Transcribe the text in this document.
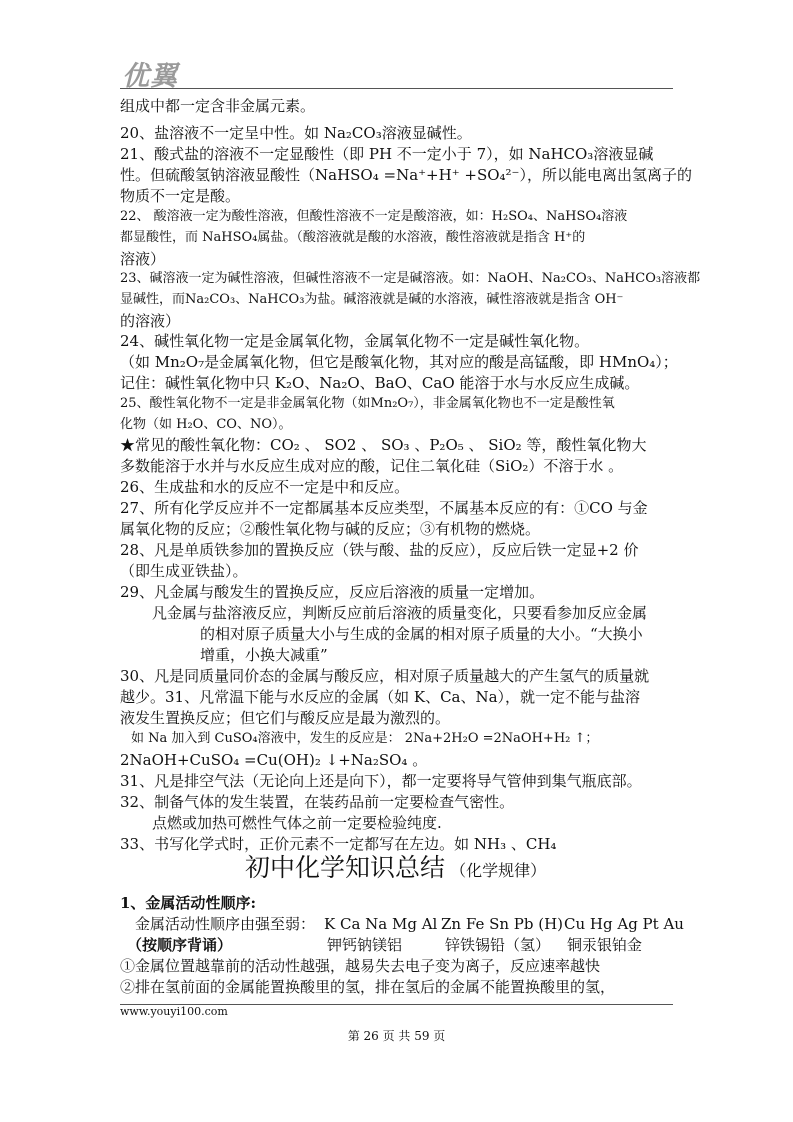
优翼
组成中都一定含非金属元素。
20、盐溶液不一定呈中性。如 Na₂CO₃溶液显碱性。
21、酸式盐的溶液不一定显酸性（即 PH 不一定小于 7），如 NaHCO₃溶液显碱
性。但硫酸氢钠溶液显酸性（NaHSO₄ =Na⁺+H⁺ +SO₄²⁻），所以能电离出氢离子的
物质不一定是酸。
22、 酸溶液一定为酸性溶液，但酸性溶液不一定是酸溶液，如：H₂SO₄、NaHSO₄溶液
都显酸性，而 NaHSO₄属盐。（酸溶液就是酸的水溶液，酸性溶液就是指含 H⁺的
溶液）
23、碱溶液一定为碱性溶液，但碱性溶液不一定是碱溶液。如：NaOH、Na₂CO₃、NaHCO₃溶液都
显碱性，而Na₂CO₃、NaHCO₃为盐。碱溶液就是碱的水溶液，碱性溶液就是指含 OH⁻
的溶液）
24、碱性氧化物一定是金属氧化物，金属氧化物不一定是碱性氧化物。
（如 Mn₂O₇是金属氧化物，但它是酸氧化物，其对应的酸是高锰酸，即 HMnO₄）；
记住：碱性氧化物中只 K₂O、Na₂O、BaO、CaO 能溶于水与水反应生成碱。
25、酸性氧化物不一定是非金属氧化物（如Mn₂O₇），非金属氧化物也不一定是酸性氧
化物（如 H₂O、CO、NO）。
★常见的酸性氧化物：CO₂ 、 SO2 、 SO₃ 、P₂O₅ 、 SiO₂ 等，酸性氧化物大
多数能溶于水并与水反应生成对应的酸，记住二氧化硅（SiO₂）不溶于水 。
26、生成盐和水的反应不一定是中和反应。
27、所有化学反应并不一定都属基本反应类型，不属基本反应的有：①CO 与金
属氧化物的反应；②酸性氧化物与碱的反应；③有机物的燃烧。
28、凡是单质铁参加的置换反应（铁与酸、盐的反应），反应后铁一定显+2 价
（即生成亚铁盐）。
29、凡金属与酸发生的置换反应，反应后溶液的质量一定增加。
凡金属与盐溶液反应，判断反应前后溶液的质量变化，只要看参加反应金属
的相对原子质量大小与生成的金属的相对原子质量的大小。“大换小
增重，小换大减重”
30、凡是同质量同价态的金属与酸反应，相对原子质量越大的产生氢气的质量就
越少。31、凡常温下能与水反应的金属（如 K、Ca、Na），就一定不能与盐溶
液发生置换反应；但它们与酸反应是最为激烈的。
如 Na 加入到 CuSO₄溶液中，发生的反应是： 2Na+2H₂O =2NaOH+H₂ ↑；
2NaOH+CuSO₄ =Cu(OH)₂ ↓+Na₂SO₄ 。
31、凡是排空气法（无论向上还是向下），都一定要将导气管伸到集气瓶底部。
32、制备气体的发生装置，在装药品前一定要检查气密性。
点燃或加热可燃性气体之前一定要检验纯度.
33、书写化学式时，正价元素不一定都写在左边。如 NH₃ 、CH₄
初中化学知识总结 （化学规律）
1、金属活动性顺序:
金属活动性顺序由强至弱： K Ca Na Mg Al Zn Fe Sn Pb (H) Cu Hg Ag Pt Au
（按顺序背诵）	钾钙钠镁铝	锌铁锡铅（氢） 铜汞银铂金
①金属位置越靠前的活动性越强，越易失去电子变为离子，反应速率越快
②排在氢前面的金属能置换酸里的氢，排在氢后的金属不能置换酸里的氢，
www.youyi100.com
第 26 页 共 59 页
